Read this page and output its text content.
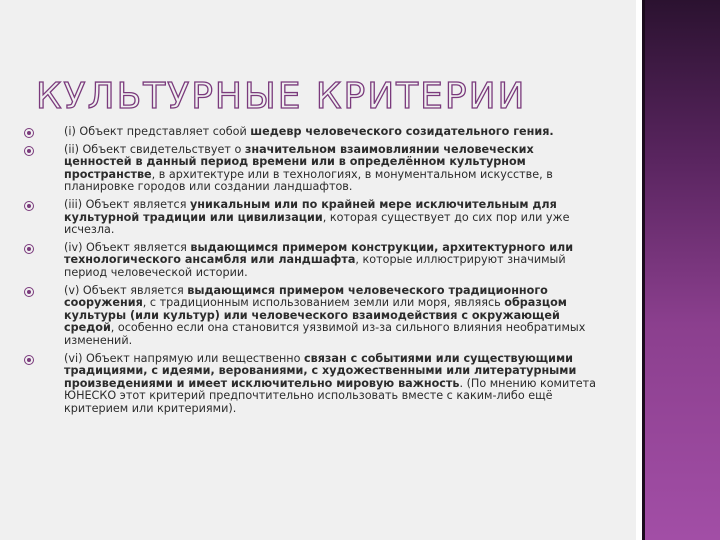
КУЛЬТУРНЫЕ КРИТЕРИИ
(i) Объект представляет собой шедевр человеческого созидательного гения.
(ii) Объект свидетельствует о значительном взаимовлиянии человеческих ценностей в данный период времени или в определённом культурном пространстве, в архитектуре или в технологиях, в монументальном искусстве, в планировке городов или создании ландшафтов.
(iii) Объект является уникальным или по крайней мере исключительным для культурной традиции или цивилизации, которая существует до сих пор или уже исчезла.
(iv) Объект является выдающимся примером конструкции, архитектурного или технологического ансамбля или ландшафта, которые иллюстрируют значимый период человеческой истории.
(v) Объект является выдающимся примером человеческого традиционного сооружения, с традиционным использованием земли или моря, являясь образцом культуры (или культур) или человеческого взаимодействия с окружающей средой, особенно если она становится уязвимой из-за сильного влияния необратимых изменений.
(vi) Объект напрямую или вещественно связан с событиями или существующими традициями, с идеями, верованиями, с художественными или литературными произведениями и имеет исключительно мировую важность. (По мнению комитета ЮНЕСКО этот критерий предпочтительно использовать вместе с каким-либо ещё критерием или критериями).
